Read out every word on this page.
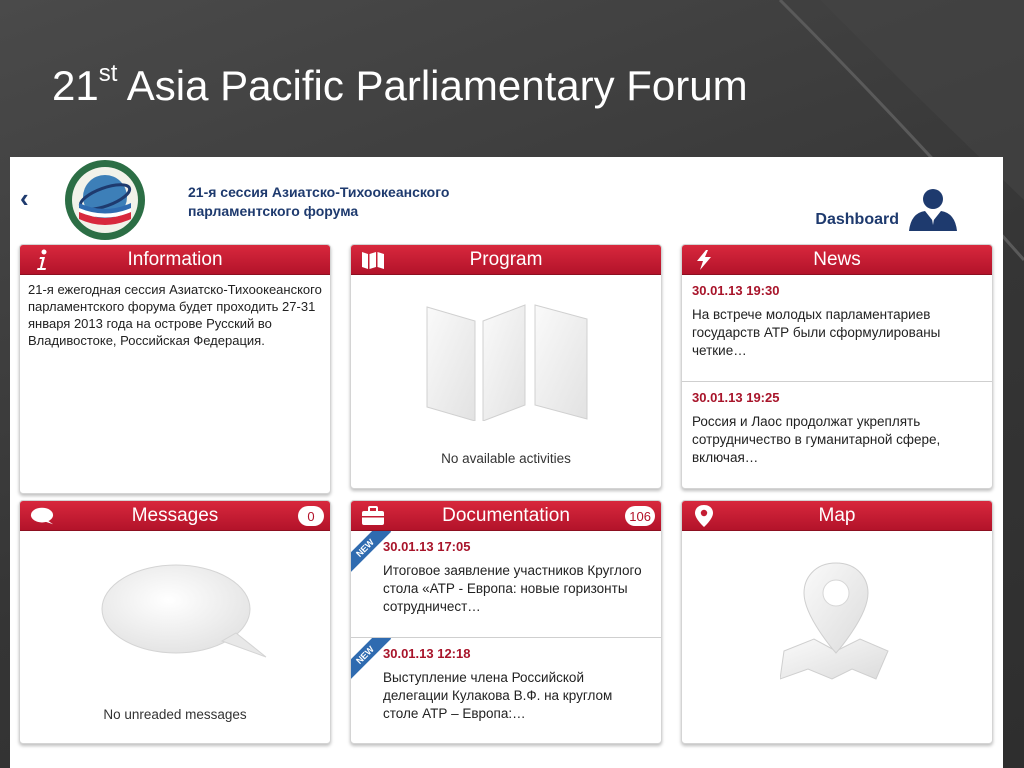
21st Asia Pacific Parliamentary Forum
‹	21-я сессия Азиатско-Тихоокеанского парламентского форума	Dashboard
Information
21-я ежегодная сессия Азиатско-Тихоокеанского парламентского форума будет проходить 27-31 января 2013 года на острове Русский во Владивостоке, Российская Федерация.
Program
No available activities
News
30.01.13 19:30
На встрече молодых парламентариев государств АТР были сформулированы четкие…
30.01.13 19:25
Россия и Лаос продолжат укреплять сотрудничество в гуманитарной сфере, включая…
Messages	0
No unreaded messages
Documentation	106
NEW 30.01.13 17:05
Итоговое заявление участников Круглого стола «АТР - Европа: новые горизонты сотрудничест…
NEW 30.01.13 12:18
Выступление члена Российской делегации Кулакова В.Ф. на круглом столе АТР – Европа:…
Map
